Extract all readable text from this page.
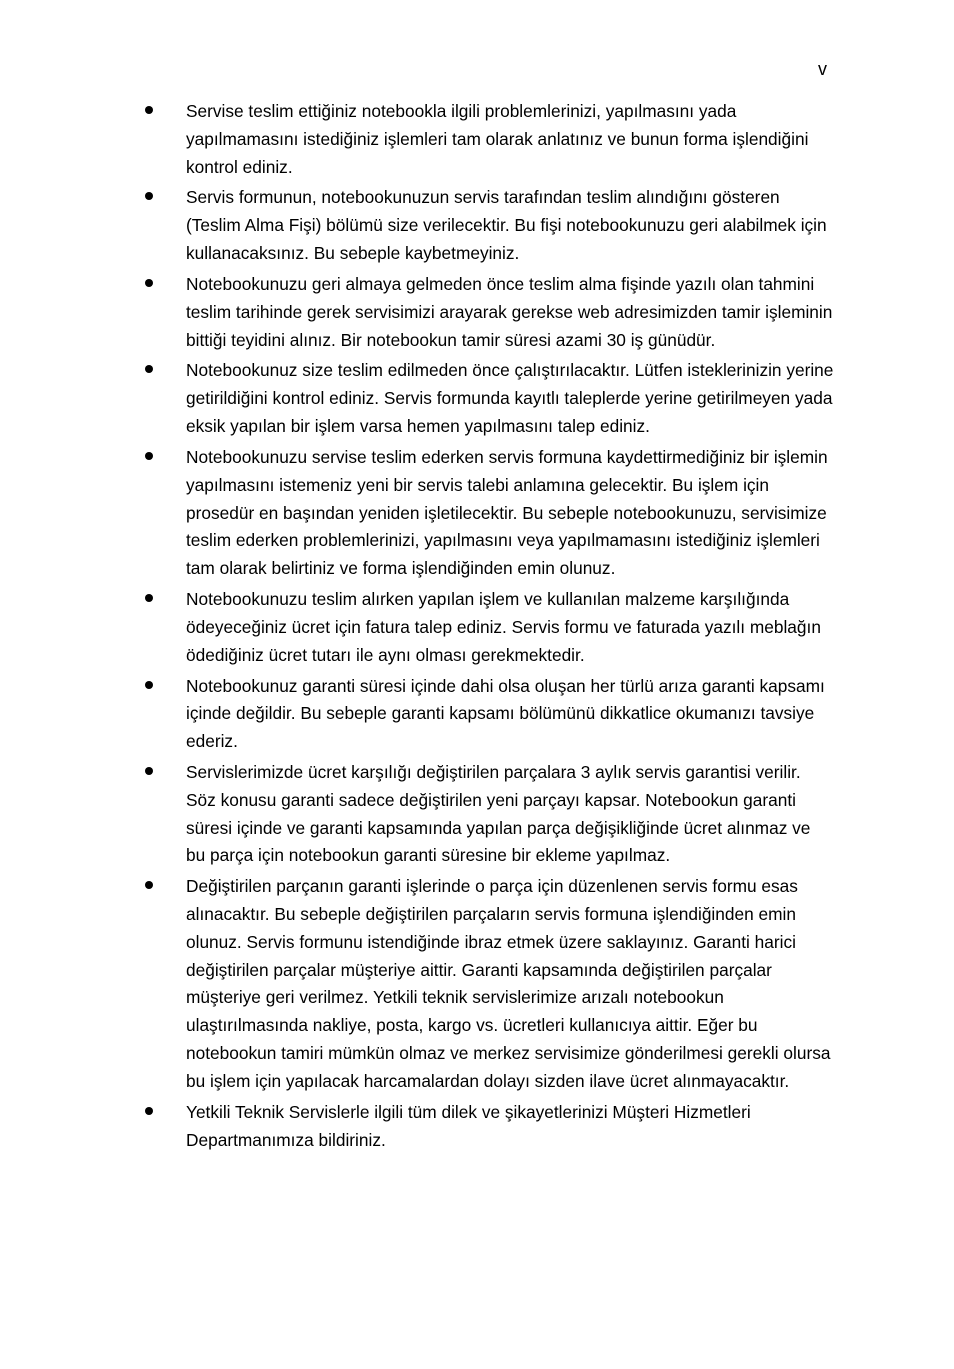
v
Servise teslim ettiğiniz notebookla ilgili problemlerinizi, yapılmasını yada yapılmamasını istediğiniz işlemleri tam olarak anlatınız ve bunun forma işlendiğini kontrol ediniz.
Servis formunun, notebookunuzun servis tarafından teslim alındığını gösteren (Teslim Alma Fişi) bölümü size verilecektir. Bu fişi notebookunuzu geri alabilmek için kullanacaksınız. Bu sebeple kaybetmeyiniz.
Notebookunuzu geri almaya gelmeden önce teslim alma fişinde yazılı olan tahmini teslim tarihinde gerek servisimizi arayarak gerekse web adresimizden tamir işleminin bittiği teyidini alınız. Bir notebookun tamir süresi azami 30 iş günüdür.
Notebookunuz size teslim edilmeden önce çalıştırılacaktır. Lütfen isteklerinizin yerine getirildiğini kontrol ediniz. Servis formunda kayıtlı taleplerde yerine getirilmeyen yada eksik yapılan bir işlem varsa hemen yapılmasını talep ediniz.
Notebookunuzu servise teslim ederken servis formuna kaydettirmediğiniz bir işlemin yapılmasını istemeniz yeni bir servis talebi anlamına gelecektir. Bu işlem için prosedür en başından yeniden işletilecektir. Bu sebeple notebookunuzu, servisimize teslim ederken problemlerinizi, yapılmasını veya yapılmamasını istediğiniz işlemleri tam olarak belirtiniz ve forma işlendiğinden emin olunuz.
Notebookunuzu teslim alırken yapılan işlem ve kullanılan malzeme karşılığında ödeyeceğiniz ücret için fatura talep ediniz. Servis formu ve faturada yazılı meblağın ödediğiniz ücret tutarı ile aynı olması gerekmektedir.
Notebookunuz garanti süresi içinde dahi olsa oluşan her türlü arıza garanti kapsamı içinde değildir. Bu sebeple garanti kapsamı bölümünü dikkatlice okumanızı tavsiye ederiz.
Servislerimizde ücret karşılığı değiştirilen parçalara 3 aylık servis garantisi verilir. Söz konusu garanti sadece değiştirilen yeni parçayı kapsar. Notebookun garanti süresi içinde ve garanti kapsamında yapılan parça değişikliğinde ücret alınmaz ve bu parça için notebookun garanti süresine bir ekleme yapılmaz.
Değiştirilen parçanın garanti işlerinde o parça için düzenlenen servis formu esas alınacaktır. Bu sebeple değiştirilen parçaların servis formuna işlendiğinden emin olunuz. Servis formunu istendiğinde ibraz etmek üzere saklayınız. Garanti harici değiştirilen parçalar müşteriye aittir. Garanti kapsamında değiştirilen parçalar müşteriye geri verilmez. Yetkili teknik servislerimize arızalı notebookun ulaştırılmasında nakliye, posta, kargo vs. ücretleri kullanıcıya aittir. Eğer bu notebookun tamiri mümkün olmaz ve merkez servisimize gönderilmesi gerekli olursa bu işlem için yapılacak harcamalardan dolayı sizden ilave ücret alınmayacaktır.
Yetkili Teknik Servislerle ilgili tüm dilek ve şikayetlerinizi Müşteri Hizmetleri Departmanımıza bildiriniz.
